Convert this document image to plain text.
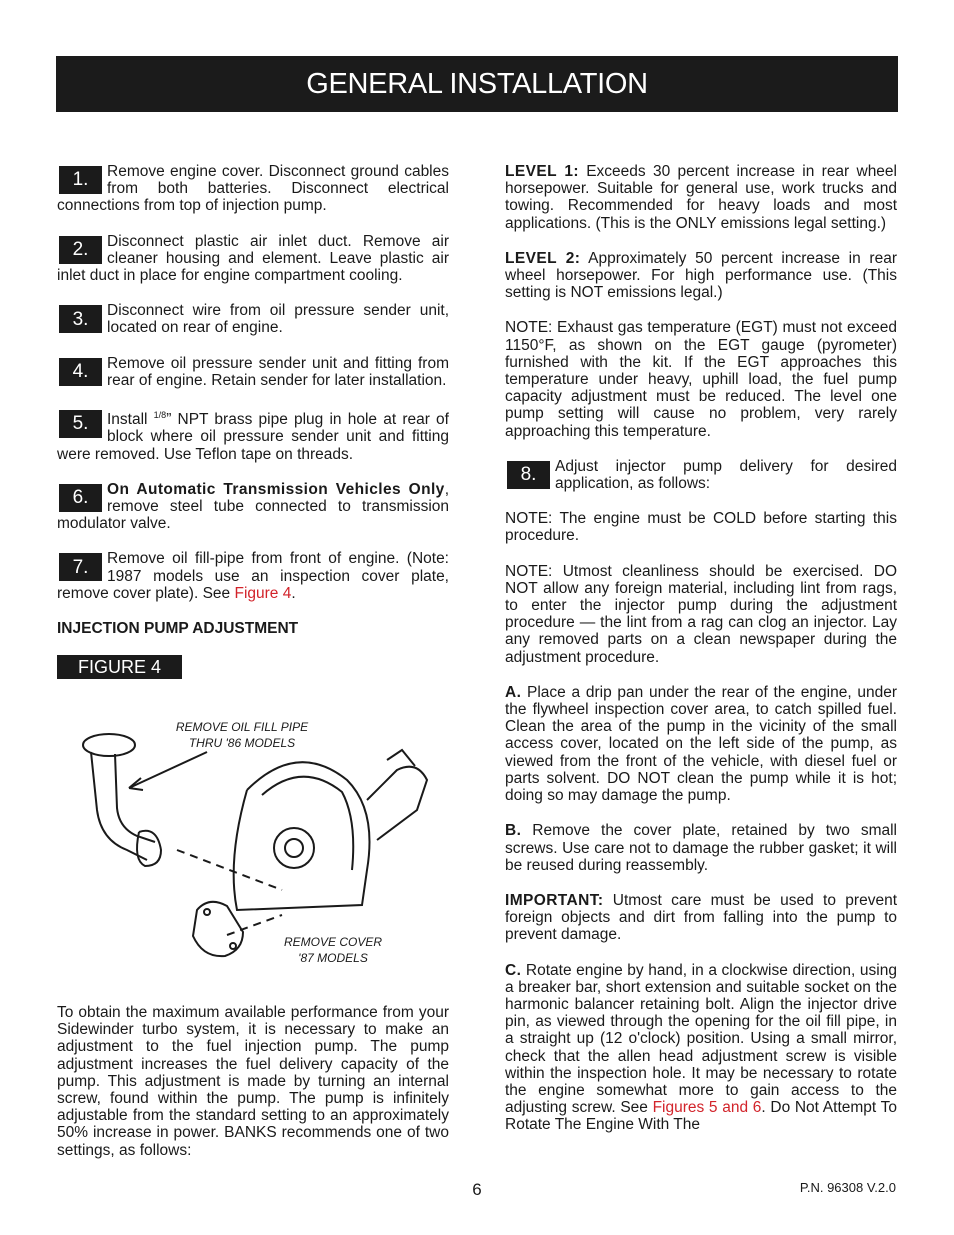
GENERAL INSTALLATION
1.	Remove engine cover. Disconnect ground cables from both batteries. Disconnect electrical connections from top of injection pump.
2.	Disconnect plastic air inlet duct. Remove air cleaner housing and element. Leave plastic air inlet duct in place for engine compartment cooling.
3.	Disconnect wire from oil pressure sender unit, located on rear of engine.
4.	Remove oil pressure sender unit and fitting from rear of engine. Retain sender for later installation.
5.	Install $^{1/8}$” NPT brass pipe plug in hole at rear of block where oil pressure sender unit and fitting were removed. Use Teflon tape on threads.
6.	On Automatic Transmission Vehicles Only, remove steel tube connected to transmission modulator valve.
7.	Remove oil fill-pipe from front of engine. (Note: 1987 models use an inspection cover plate, remove cover plate). See Figure 4.
INJECTION PUMP ADJUSTMENT
FIGURE 4
REMOVE OIL FILL PIPE
THRU '86 MODELS
REMOVE COVER
'87 MODELS
To obtain the maximum available performance from your Sidewinder turbo system, it is necessary to make an adjustment to the fuel injection pump. The pump adjustment increases the fuel delivery capacity of the pump. This adjustment is made by turning an internal screw, found within the pump. The pump is infinitely adjustable from the standard setting to an approximately 50% increase in power. BANKS recommends one of two settings, as follows:

LEVEL 1: Exceeds 30 percent increase in rear wheel horsepower. Suitable for general use, work trucks and towing. Recommended for heavy loads and most applications. (This is the ONLY emissions legal setting.)

LEVEL 2: Approximately 50 percent increase in rear wheel horsepower. For high performance use. (This setting is NOT emissions legal.)

NOTE: Exhaust gas temperature (EGT) must not exceed 1150°F, as shown on the EGT gauge (pyrometer) furnished with the kit. If the EGT approaches this temperature under heavy, uphill load, the fuel pump capacity adjustment must be reduced. The level one pump setting will cause no problem, very rarely approaching this temperature.

8.	Adjust injector pump delivery for desired application, as follows:

NOTE: The engine must be COLD before starting this procedure.

NOTE: Utmost cleanliness should be exercised. DO NOT allow any foreign material, including lint from rags, to enter the injector pump during the adjustment procedure — the lint from a rag can clog an injector. Lay any removed parts on a clean newspaper during the adjustment procedure.

A. Place a drip pan under the rear of the engine, under the flywheel inspection cover area, to catch spilled fuel. Clean the area of the pump in the vicinity of the small access cover, located on the left side of the pump, as viewed from the front of the vehicle, with diesel fuel or parts solvent. DO NOT clean the pump while it is hot; doing so may damage the pump.

B. Remove the cover plate, retained by two small screws. Use care not to damage the rubber gasket; it will be reused during reassembly.

IMPORTANT: Utmost care must be used to prevent foreign objects and dirt from falling into the pump to prevent damage.

C. Rotate engine by hand, in a clockwise direction, using a breaker bar, short extension and suitable socket on the harmonic balancer retaining bolt. Align the injector drive pin, as viewed through the opening for the oil fill pipe, in a straight up (12 o'clock) position. Using a small mirror, check that the allen head adjustment screw is visible within the inspection hole. It may be necessary to rotate the engine somewhat more to gain access to the adjusting screw. See Figures 5 and 6. Do Not Attempt To Rotate The Engine With The

6	P.N. 96308 V.2.0
